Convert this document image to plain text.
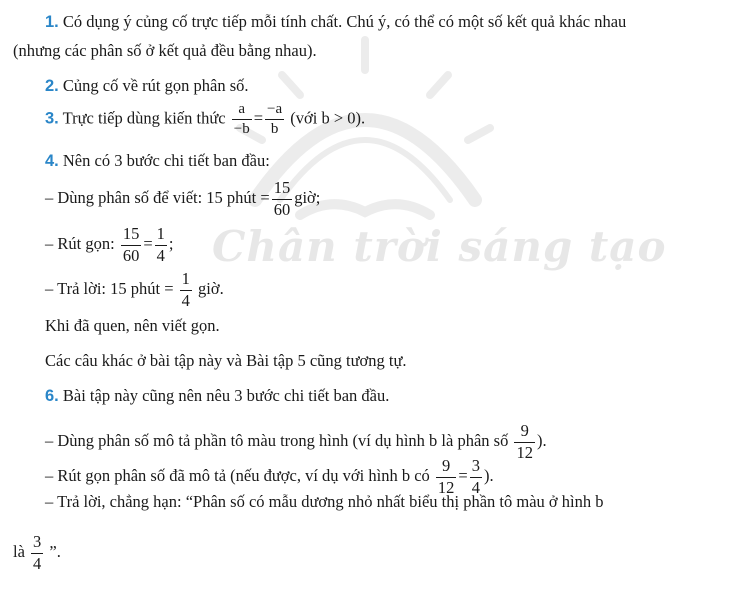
Chân trời sáng tạo
1. Có dụng ý củng cố trực tiếp mỗi tính chất. Chú ý, có thể có một số kết quả khác nhau
(nhưng các phân số ở kết quả đều bằng nhau).
2. Củng cố về rút gọn phân số.
3. Trực tiếp dùng kiến thức $\frac{a}{-b} = \frac{-a}{b}$ (với b > 0).
4. Nên có 3 bước chi tiết ban đầu:
– Dùng phân số để viết: 15 phút = $\frac{15}{60}$ giờ;
– Rút gọn: $\frac{15}{60} = \frac{1}{4}$ ;
– Trả lời: 15 phút = $\frac{1}{4}$ giờ.
Khi đã quen, nên viết gọn.
Các câu khác ở bài tập này và Bài tập 5 cũng tương tự.
6. Bài tập này cũng nên nêu 3 bước chi tiết ban đầu.
– Dùng phân số mô tả phần tô màu trong hình (ví dụ hình b là phân số $\frac{9}{12}$ ).
– Rút gọn phân số đã mô tả (nếu được, ví dụ với hình b có $\frac{9}{12} = \frac{3}{4}$ ).
– Trả lời, chẳng hạn: “Phân số có mẫu dương nhỏ nhất biểu thị phần tô màu ở hình b
là $\frac{3}{4}$ ”.
